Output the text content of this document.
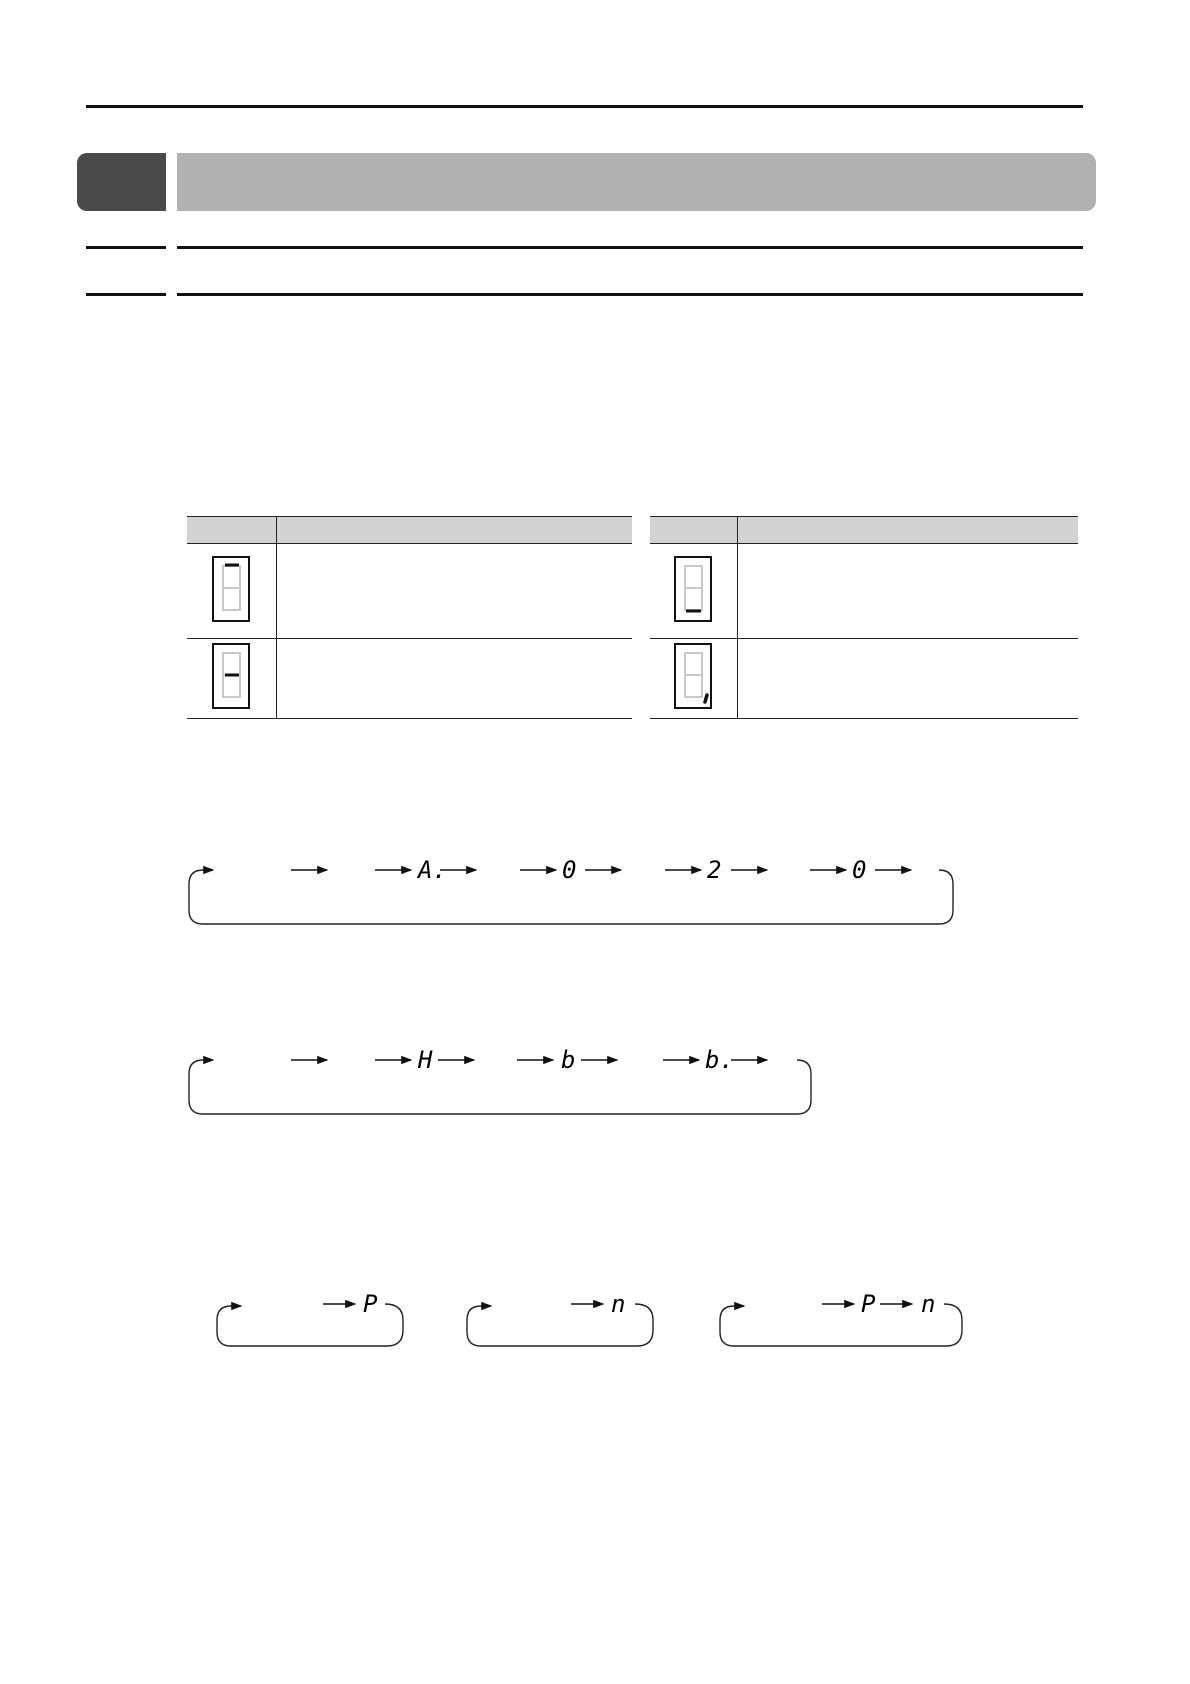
A.	0	2	0
H	b	b.
P	n	P n
